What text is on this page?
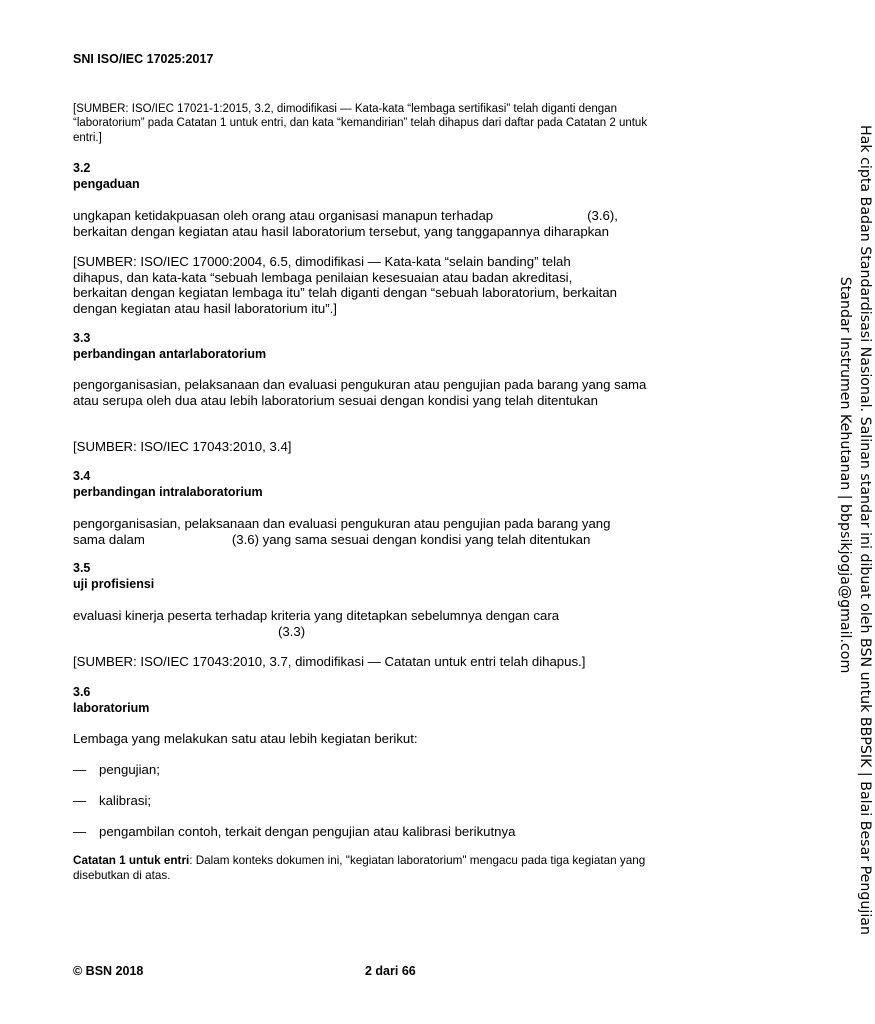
SNI ISO/IEC 17025:2017
[SUMBER: ISO/IEC 17021-1:2015, 3.2, dimodifikasi — Kata-kata “lembaga sertifikasi” telah diganti dengan “laboratorium” pada Catatan 1 untuk entri, dan kata “kemandirian” telah dihapus dari daftar pada Catatan 2 untuk entri.]
3.2
pengaduan
ungkapan ketidakpuasan oleh orang atau organisasi manapun terhadap	(3.6),
berkaitan dengan kegiatan atau hasil laboratorium tersebut, yang tanggapannya diharapkan
[SUMBER: ISO/IEC 17000:2004, 6.5, dimodifikasi — Kata-kata “selain banding” telah dihapus, dan kata-kata “sebuah lembaga penilaian kesesuaian atau badan akreditasi, berkaitan dengan kegiatan lembaga itu” telah diganti dengan “sebuah laboratorium, berkaitan dengan kegiatan atau hasil laboratorium itu”.]
3.3
perbandingan antarlaboratorium
pengorganisasian, pelaksanaan dan evaluasi pengukuran atau pengujian pada barang yang sama atau serupa oleh dua atau lebih laboratorium sesuai dengan kondisi yang telah ditentukan
[SUMBER: ISO/IEC 17043:2010, 3.4]
3.4
perbandingan intralaboratorium
pengorganisasian, pelaksanaan dan evaluasi pengukuran atau pengujian pada barang yang
sama dalam	(3.6) yang sama sesuai dengan kondisi yang telah ditentukan
3.5
uji profisiensi
evaluasi kinerja peserta terhadap kriteria yang ditetapkan sebelumnya dengan cara
(3.3)
[SUMBER: ISO/IEC 17043:2010, 3.7, dimodifikasi — Catatan untuk entri telah dihapus.]
3.6
laboratorium
Lembaga yang melakukan satu atau lebih kegiatan berikut:
— pengujian;
— kalibrasi;
— pengambilan contoh, terkait dengan pengujian atau kalibrasi berikutnya
Catatan 1 untuk entri: Dalam konteks dokumen ini, "kegiatan laboratorium" mengacu pada tiga kegiatan yang disebutkan di atas.
© BSN 2018	2 dari 66
Hak cipta Badan Standardisasi Nasional. Salinan standar ini dibuat oleh BSN untuk BBPSIK | Balai Besar Pengujian
Standar Instrumen Kehutanan | bbpsikjogja@gmail.com
